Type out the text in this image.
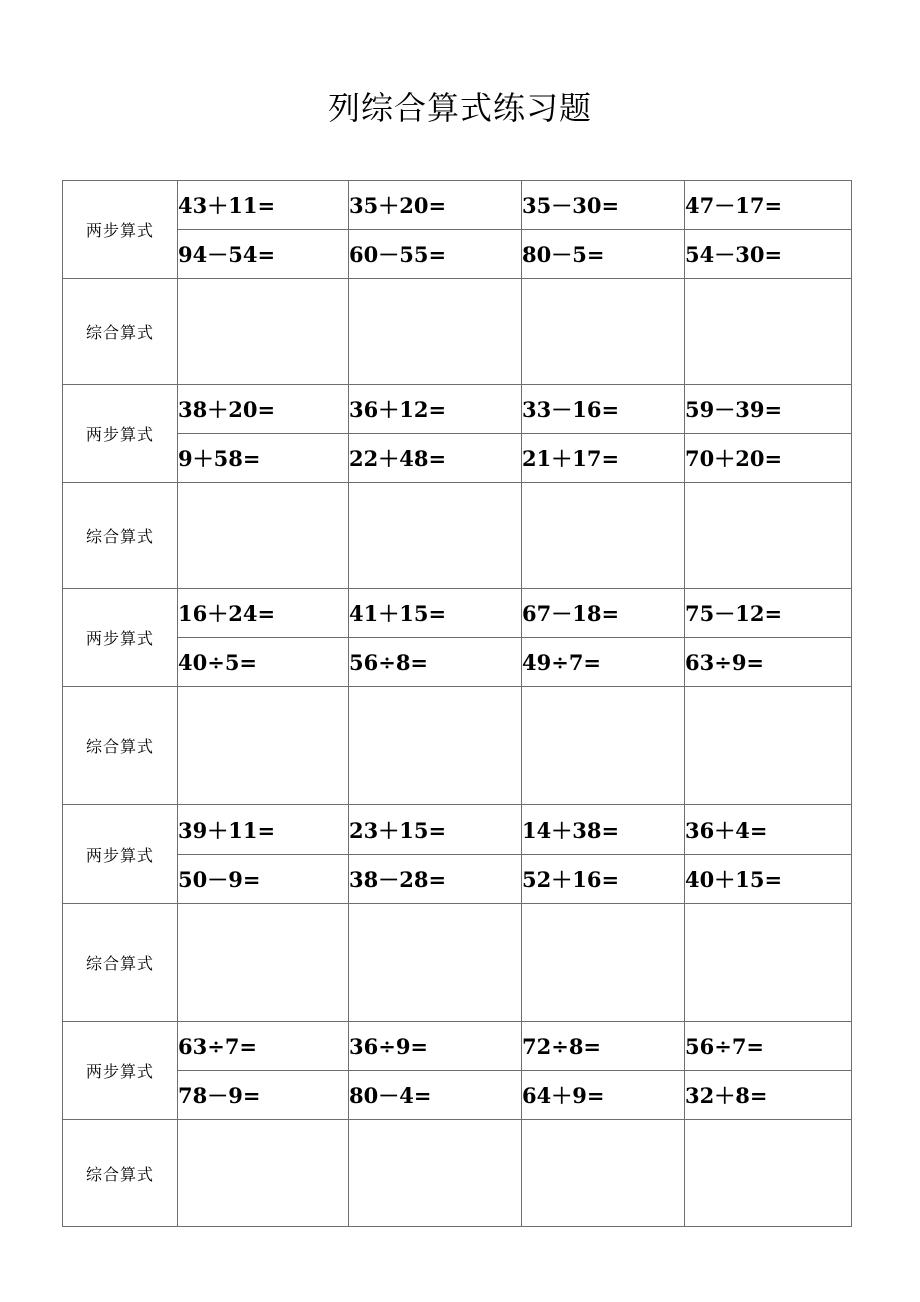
列综合算式练习题
两步算式	43＋11=	35＋20=	35－30=	47－17=
	94－54=	60－55=	80－5=	54－30=
综合算式				
两步算式	38＋20=	36＋12=	33－16=	59－39=
	9＋58=	22＋48=	21＋17=	70＋20=
综合算式				
两步算式	16＋24=	41＋15=	67－18=	75－12=
	40÷5=	56÷8=	49÷7=	63÷9=
综合算式				
两步算式	39＋11=	23＋15=	14＋38=	36＋4=
	50－9=	38－28=	52＋16=	40＋15=
综合算式				
两步算式	63÷7=	36÷9=	72÷8=	56÷7=
	78－9=	80－4=	64＋9=	32＋8=
综合算式				
